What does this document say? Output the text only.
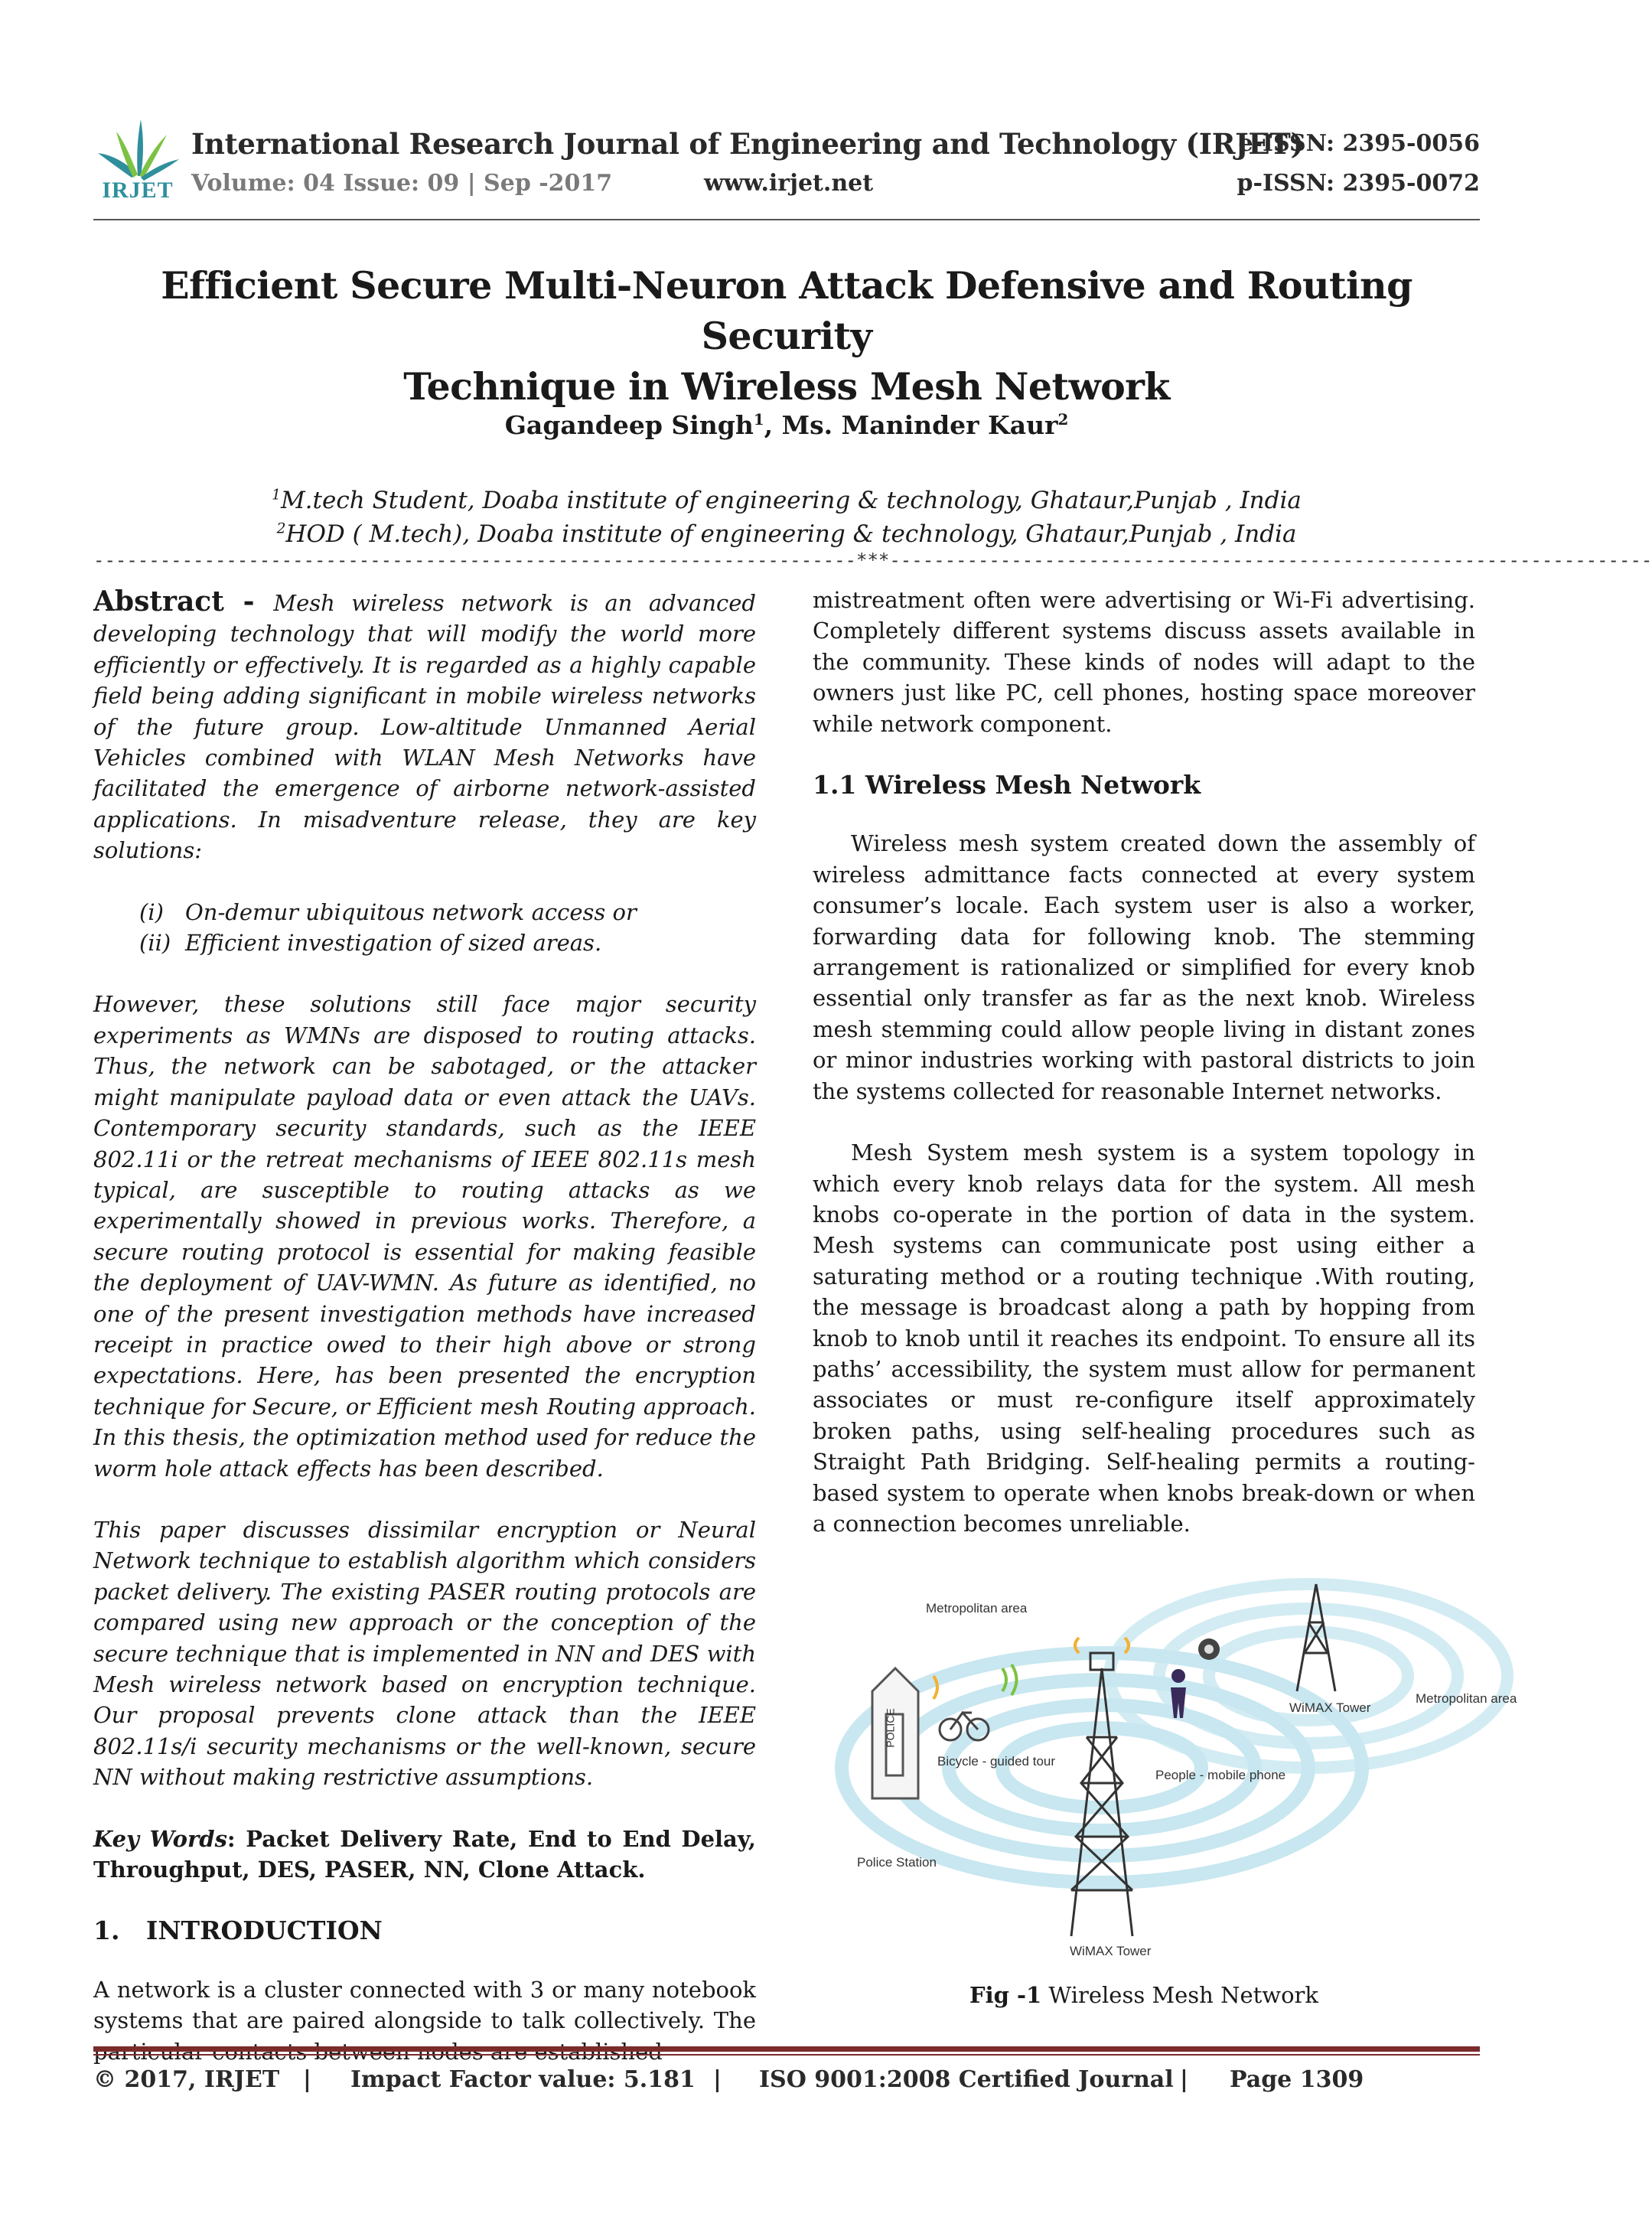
IRJET
International Research Journal of Engineering and Technology (IRJET)
Volume: 04 Issue: 09 | Sep -2017	www.irjet.net
e-ISSN: 2395-0056
p-ISSN: 2395-0072
Efficient Secure Multi-Neuron Attack Defensive and Routing Security
Technique in Wireless Mesh Network
Gagandeep Singh$^1$, Ms. Maninder Kaur$^2$
$^1$M.tech Student, Doaba institute of engineering & technology, Ghataur,Punjab , India
$^2$HOD ( M.tech), Doaba institute of engineering & technology, Ghataur,Punjab , India
---------------------------------------------------------------------***---------------------------------------------------------------------
Abstract - Mesh wireless network is an advanced developing technology that will modify the world more efficiently or effectively. It is regarded as a highly capable field being adding significant in mobile wireless networks of the future group. Low-altitude Unmanned Aerial Vehicles combined with WLAN Mesh Networks have facilitated the emergence of airborne network-assisted applications. In misadventure release, they are key solutions:
(i) On-demur ubiquitous network access or
(ii) Efficient investigation of sized areas.
However, these solutions still face major security experiments as WMNs are disposed to routing attacks. Thus, the network can be sabotaged, or the attacker might manipulate payload data or even attack the UAVs. Contemporary security standards, such as the IEEE 802.11i or the retreat mechanisms of IEEE 802.11s mesh typical, are susceptible to routing attacks as we experimentally showed in previous works. Therefore, a secure routing protocol is essential for making feasible the deployment of UAV-WMN. As future as identified, no one of the present investigation methods have increased receipt in practice owed to their high above or strong expectations. Here, has been presented the encryption technique for Secure, or Efficient mesh Routing approach. In this thesis, the optimization method used for reduce the worm hole attack effects has been described.
This paper discusses dissimilar encryption or Neural Network technique to establish algorithm which considers packet delivery. The existing PASER routing protocols are compared using new approach or the conception of the secure technique that is implemented in NN and DES with Mesh wireless network based on encryption technique. Our proposal prevents clone attack than the IEEE 802.11s/i security mechanisms or the well-known, secure NN without making restrictive assumptions.
Key Words: Packet Delivery Rate, End to End Delay, Throughput, DES, PASER, NN, Clone Attack.
1.   INTRODUCTION
A network is a cluster connected with 3 or many notebook systems that are paired alongside to talk collectively. The
mistreatment often were advertising or Wi-Fi advertising. Completely different systems discuss assets available in the community. These kinds of nodes will adapt to the owners just like PC, cell phones, hosting space moreover while network component.
1.1 Wireless Mesh Network
Wireless mesh system created down the assembly of wireless admittance facts connected at every system consumer’s locale. Each system user is also a worker, forwarding data for following knob. The stemming arrangement is rationalized or simplified for every knob essential only transfer as far as the next knob. Wireless mesh stemming could allow people living in distant zones or minor industries working with pastoral districts to join the systems collected for reasonable Internet networks.
Mesh System mesh system is a system topology in which every knob relays data for the system. All mesh knobs co-operate in the portion of data in the system. Mesh systems can communicate post using either a saturating method or a routing technique .With routing, the message is broadcast along a path by hopping from knob to knob until it reaches its endpoint. To ensure all its paths’ accessibility, the system must allow for permanent associates or must re-configure itself approximately broken paths, using self-healing procedures such as Straight Path Bridging. Self-healing permits a routing-based system to operate when knobs break-down or when a connection becomes unreliable.
Metropolitan area
Metropolitan area
Bicycle - guided tour
People - mobile phone
WiMAX Tower
WiMAX Tower
Police Station
POLICE
Fig -1 Wireless Mesh Network
© 2017, IRJET | Impact Factor value: 5.181 | ISO 9001:2008 Certified Journal | Page 1309
